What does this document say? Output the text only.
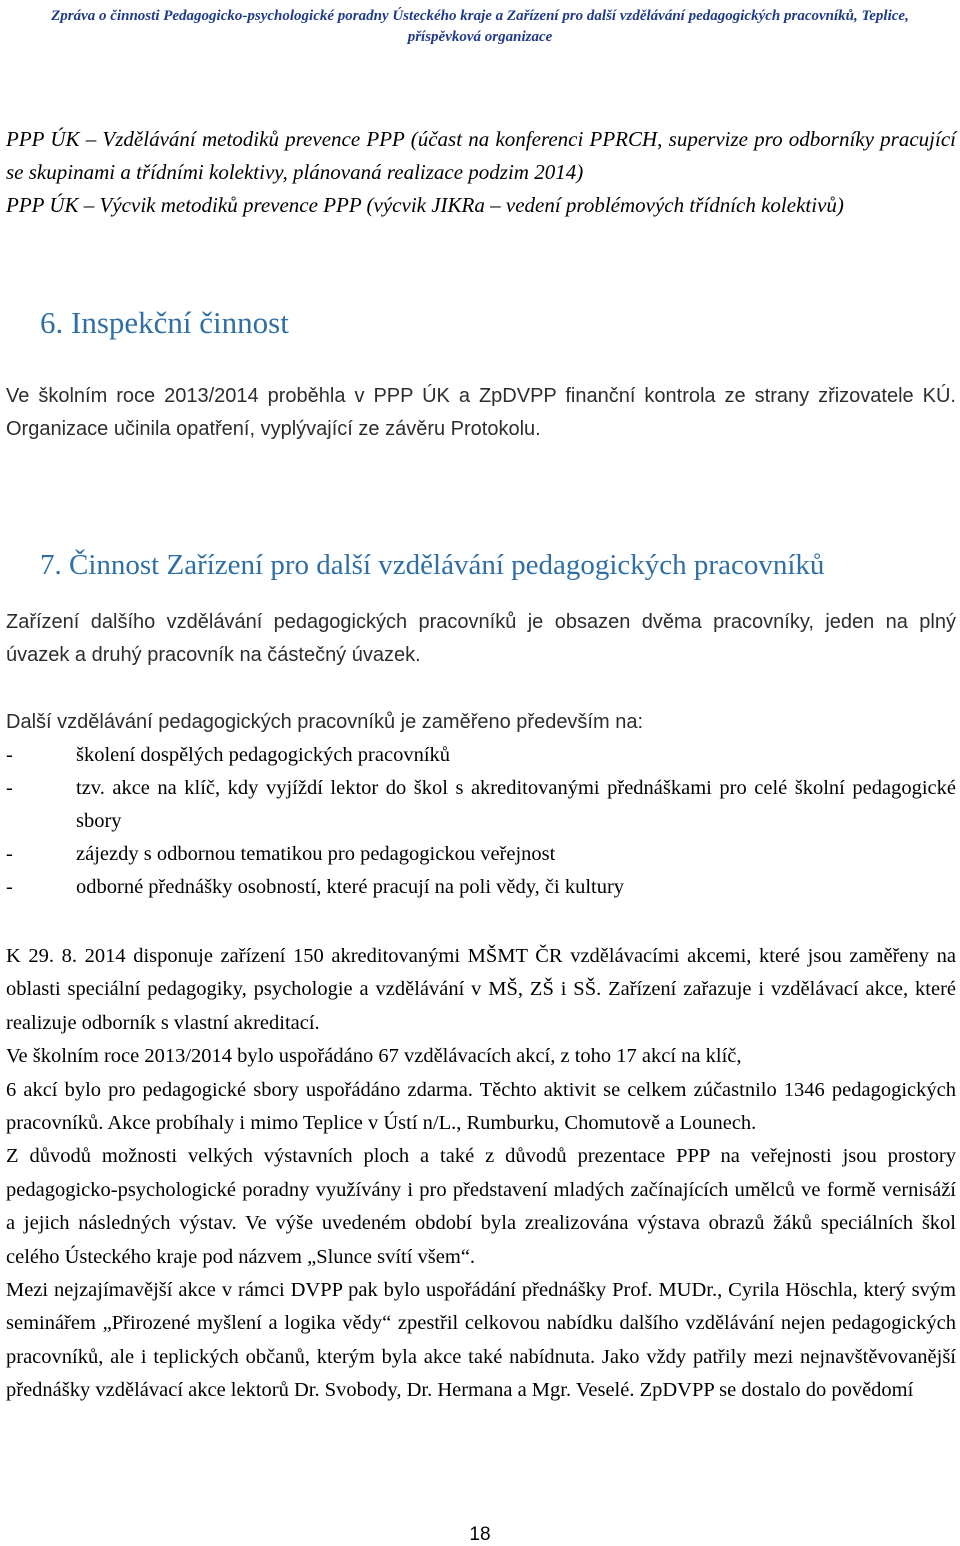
Zpráva o činnosti Pedagogicko-psychologické poradny Ústeckého kraje a Zařízení pro další vzdělávání pedagogických pracovníků, Teplice,
příspěvková organizace

PPP ÚK – Vzdělávání metodiků prevence PPP (účast na konferenci PPRCH, supervize pro odborníky pracující se skupinami a třídními kolektivy, plánovaná realizace podzim 2014)

PPP ÚK – Výcvik metodiků prevence PPP (výcvik JIKRa – vedení problémových třídních kolektivů)

6. Inspekční činnost

Ve školním roce 2013/2014 proběhla v PPP ÚK a ZpDVPP finanční kontrola ze strany zřizovatele KÚ. Organizace učinila opatření, vyplývající ze závěru Protokolu.

7. Činnost Zařízení pro další vzdělávání pedagogických pracovníků

Zařízení dalšího vzdělávání pedagogických pracovníků je obsazen dvěma pracovníky, jeden na plný úvazek a druhý pracovník na částečný úvazek.

Další vzdělávání pedagogických pracovníků je zaměřeno především na:

-	školení dospělých pedagogických pracovníků
-	tzv. akce na klíč, kdy vyjíždí lektor do škol s akreditovanými přednáškami pro celé školní pedagogické sbory
-	zájezdy s odbornou tematikou pro pedagogickou veřejnost
-	odborné přednášky osobností, které pracují na poli vědy, či kultury

K 29. 8. 2014 disponuje zařízení 150 akreditovanými MŠMT ČR vzdělávacími akcemi, které jsou zaměřeny na oblasti speciální pedagogiky, psychologie a vzdělávání v MŠ, ZŠ i SŠ. Zařízení zařazuje i vzdělávací akce, které realizuje odborník s vlastní akreditací.

Ve školním roce 2013/2014 bylo uspořádáno 67 vzdělávacích akcí, z toho 17 akcí na klíč,

6 akcí bylo pro pedagogické sbory uspořádáno zdarma. Těchto aktivit se celkem zúčastnilo 1346 pedagogických pracovníků. Akce probíhaly i mimo Teplice v Ústí n/L., Rumburku, Chomutově a Lounech.

Z důvodů možnosti velkých výstavních ploch a také z důvodů prezentace PPP na veřejnosti jsou prostory pedagogicko-psychologické poradny využívány i pro představení mladých začínajících umělců ve formě vernisáží a jejich následných výstav. Ve výše uvedeném období byla zrealizována výstava obrazů žáků speciálních škol celého Ústeckého kraje pod názvem „Slunce svítí všem“.

Mezi nejzajímavější akce v rámci DVPP pak bylo uspořádání přednášky Prof. MUDr., Cyrila Höschla, který svým seminářem „Přirozené myšlení a logika vědy“ zpestřil celkovou nabídku dalšího vzdělávání nejen pedagogických pracovníků, ale i teplických občanů, kterým byla akce také nabídnuta. Jako vždy patřily mezi nejnavštěvovanější přednášky vzdělávací akce lektorů Dr. Svobody, Dr. Hermana a Mgr. Veselé. ZpDVPP se dostalo do povědomí

18
